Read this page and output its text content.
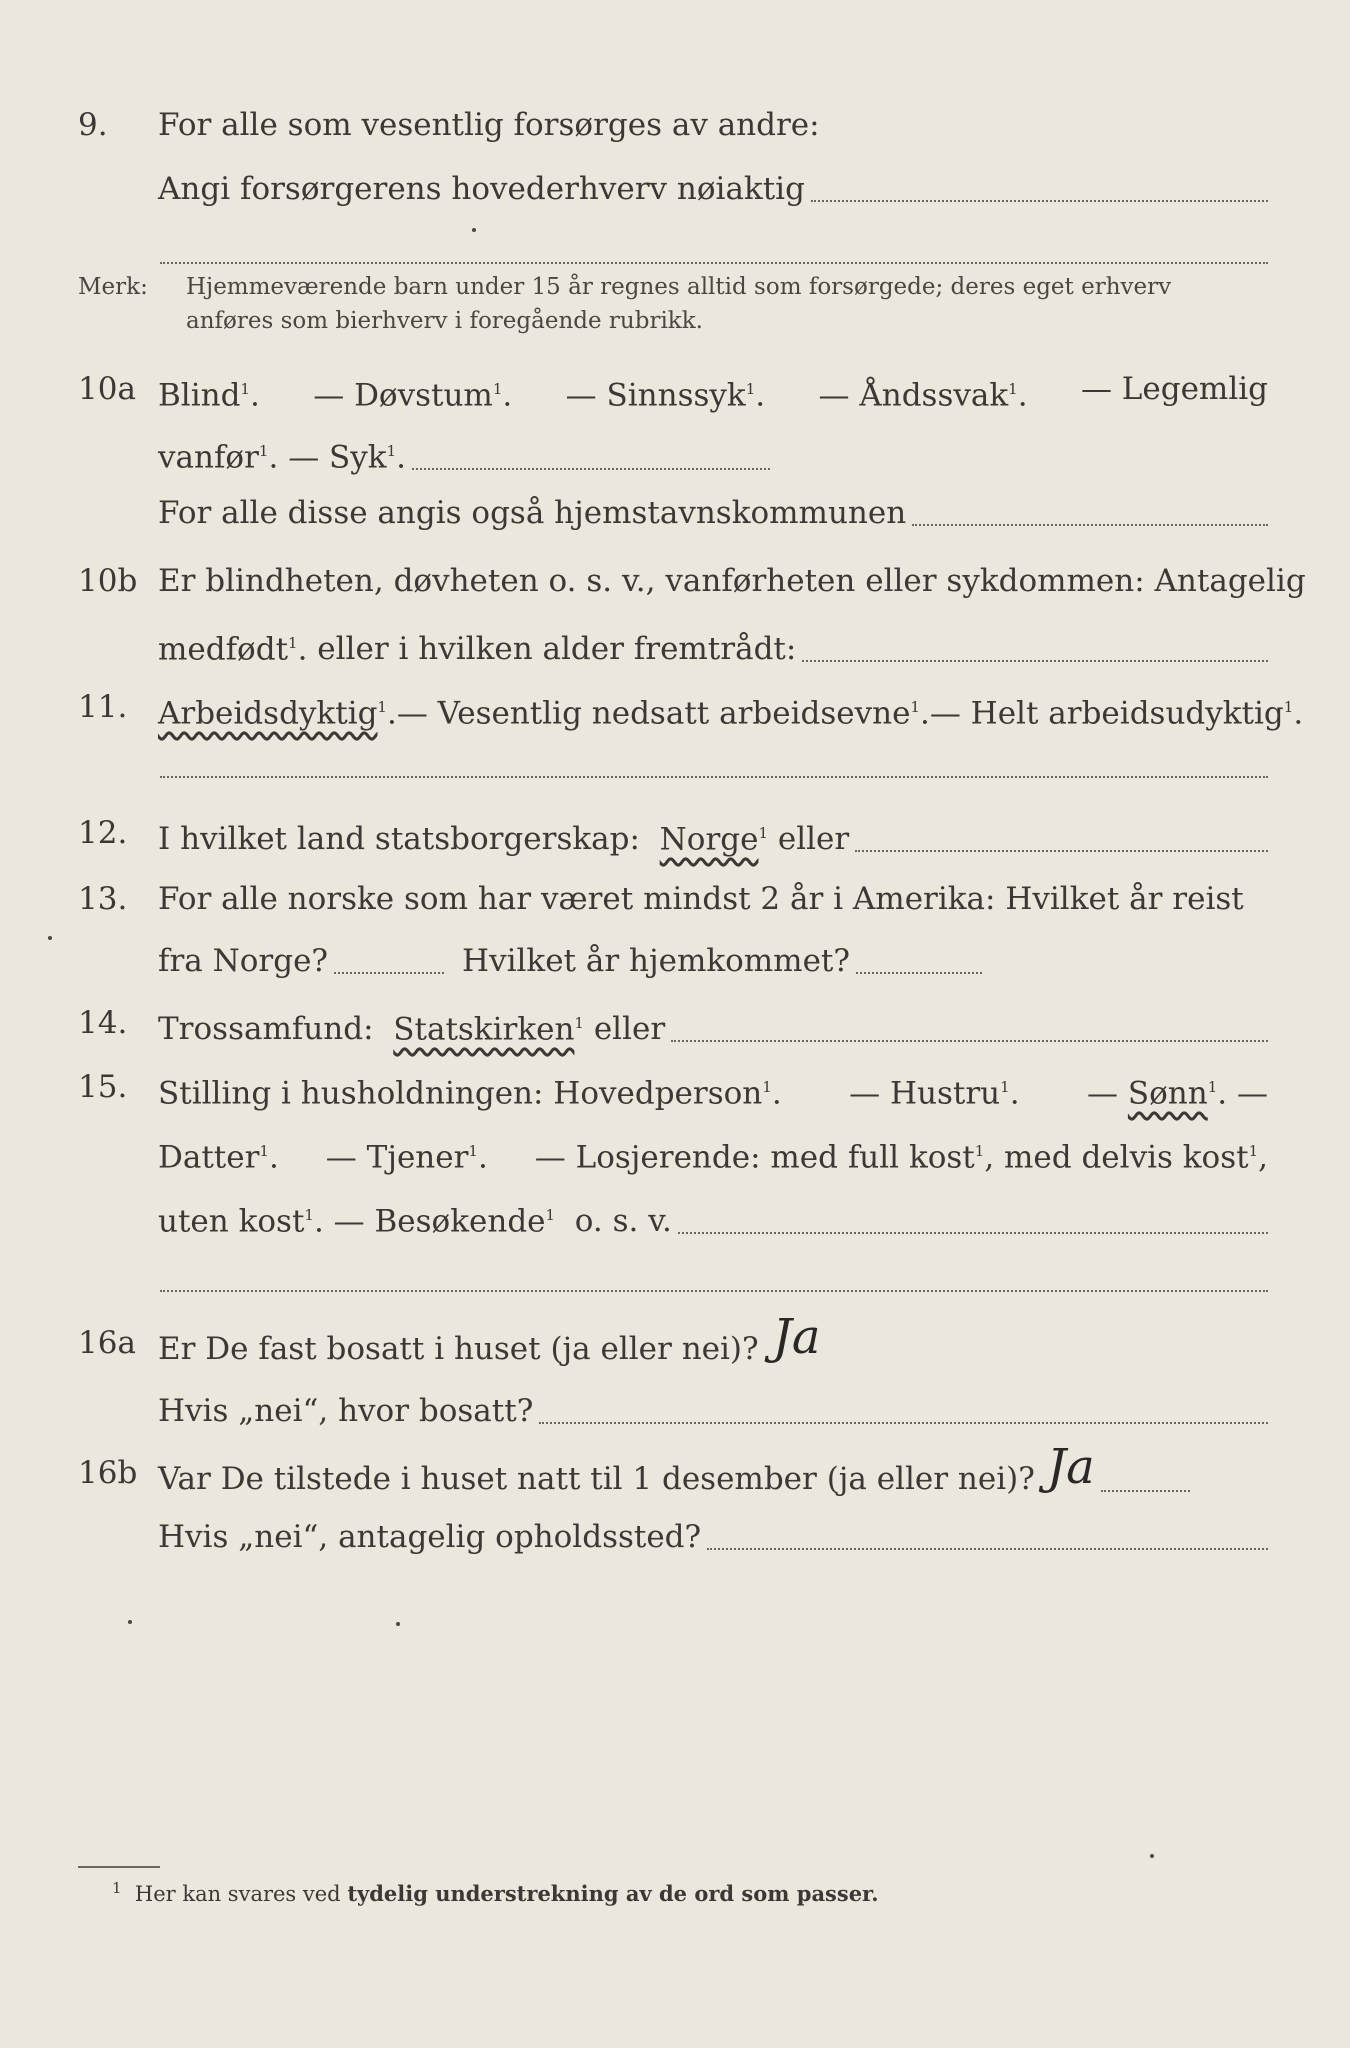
9. For alle som vesentlig forsørges av andre:
Angi forsørgerens hovederhverv nøiaktig
Merk: Hjemmeværende barn under 15 år regnes alltid som forsørgede; deres eget erhverv
anføres som bierhverv i foregående rubrikk.
10a Blind$^1$. — Døvstum$^1$. — Sinnssyk$^1$. — Åndssvak$^1$. — Legemlig
vanfør$^1$. — Syk$^1$.
For alle disse angis også hjemstavnskommunen
10b Er blindheten, døvheten o. s. v., vanførheten eller sykdommen: Antagelig
medfødt$^1$. eller i hvilken alder fremtrådt:
11. Arbeidsdyktig$^1$. — Vesentlig nedsatt arbeidsevne$^1$. — Helt arbeidsudyktig$^1$.
12. I hvilket land statsborgerskap:
Norge$^1$
eller
13. For alle norske som har været mindst 2 år i Amerika: Hvilket år reist
fra Norge?	Hvilket år hjemkommet?
14. Trossamfund:
Statskirken$^1$
eller
15. Stilling i husholdningen: Hovedperson$^1$. — Hustru$^1$. — Sønn$^1$. —
Datter$^1$. — Tjener$^1$. — Losjerende: med full kost$^1$, med delvis kost$^1$,
uten kost$^1$. — Besøkende$^1$ o. s. v.
16a Er De fast bosatt i huset (ja eller nei)? Ja
Hvis „nei“, hvor bosatt?
16b Var De tilstede i huset natt til 1 desember (ja eller nei)? Ja
Hvis „nei“, antagelig opholdssted?
$^1$ Her kan svares ved tydelig understrekning av de ord som passer.
